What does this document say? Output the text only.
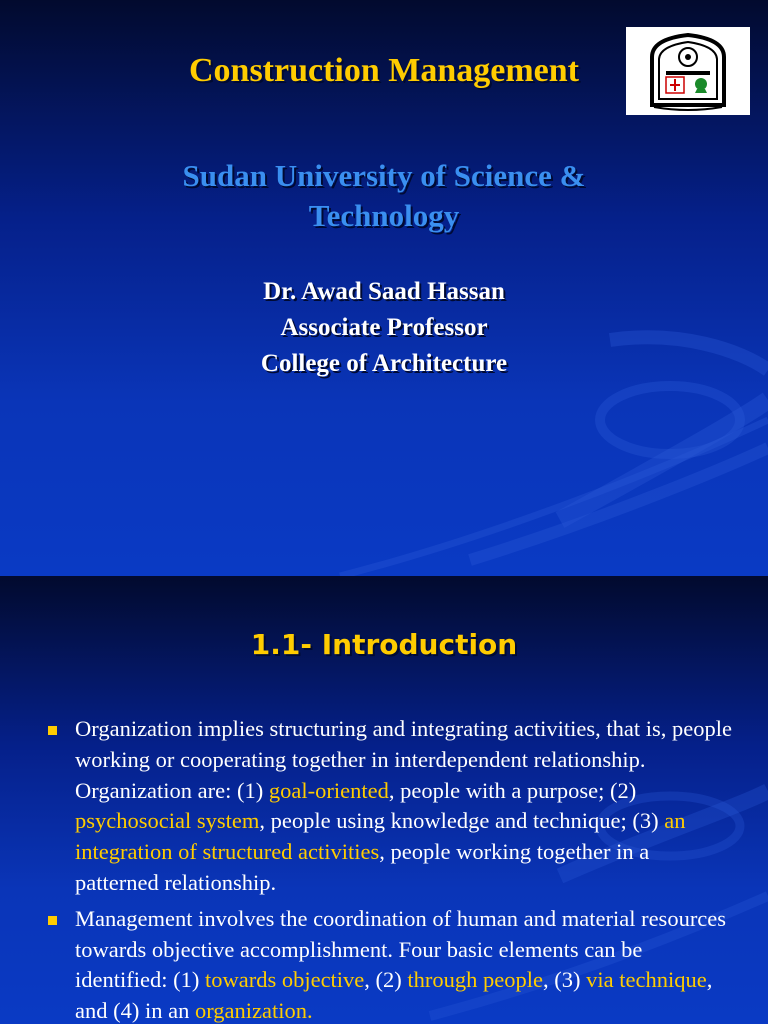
Construction Management
Sudan University of Science &
Technology
Dr. Awad Saad Hassan
Associate Professor
College of Architecture
1.1- Introduction
Organization implies structuring and integrating activities, that is, people working or cooperating together in interdependent relationship. Organization are: (1) goal-oriented, people with a purpose; (2) psychosocial system, people using knowledge and technique; (3) an integration of structured activities, people working together in a patterned relationship.
Management involves the coordination of human and material resources towards objective accomplishment. Four basic elements can be identified: (1) towards objective, (2) through people, (3) via technique, and (4) in an organization.
